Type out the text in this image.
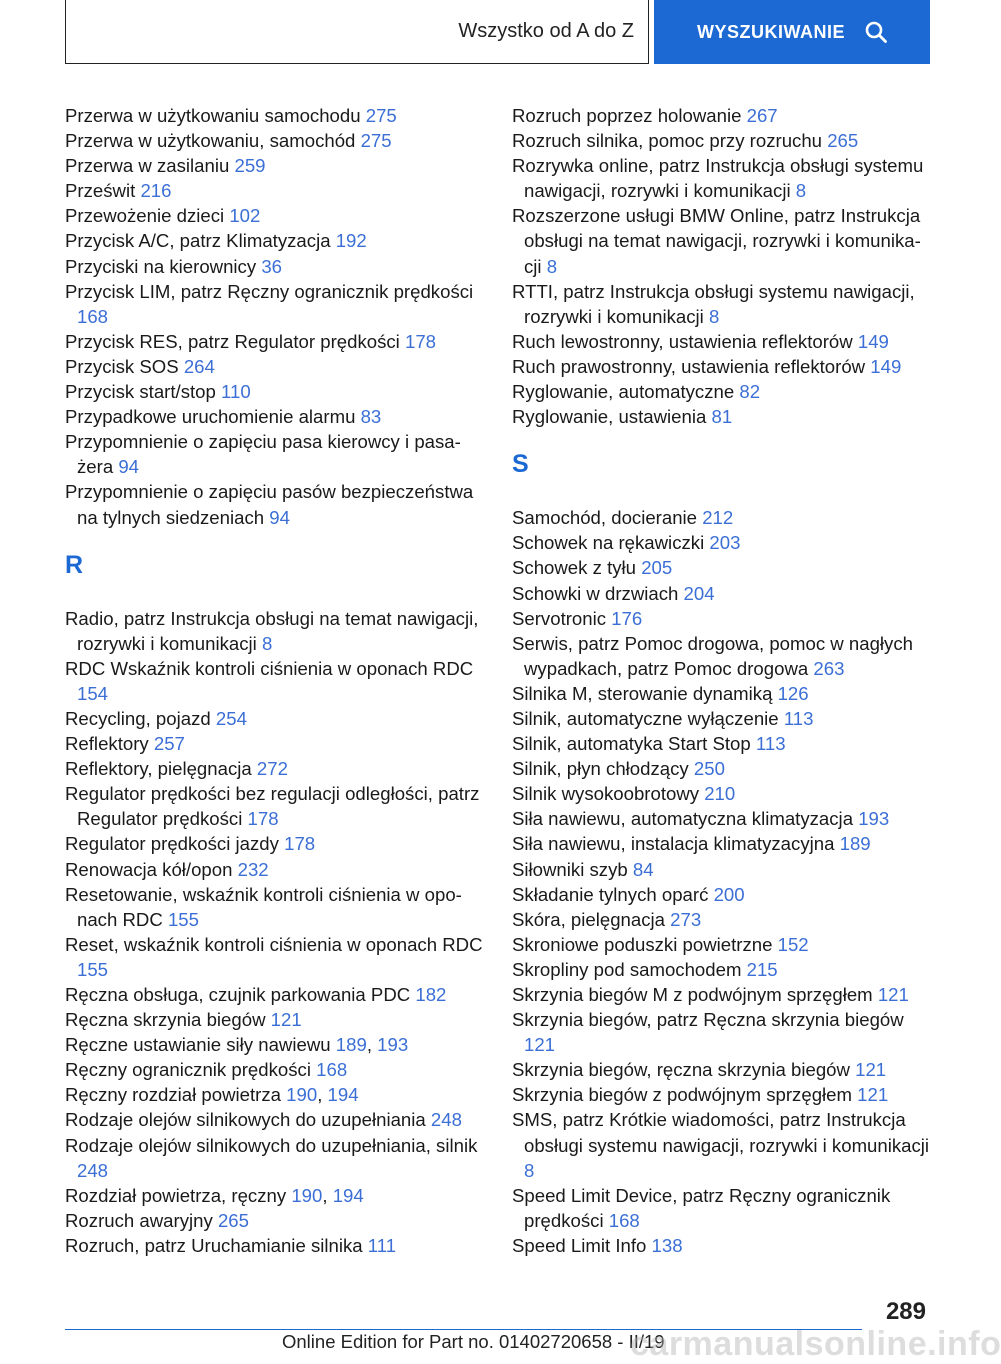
Wszystko od A do Z	WYSZUKIWANIE
Przerwa w użytkowaniu samochodu 275
Przerwa w użytkowaniu, samochód 275
Przerwa w zasilaniu 259
Prześwit 216
Przewożenie dzieci 102
Przycisk A/C, patrz Klimatyzacja 192
Przyciski na kierownicy 36
Przycisk LIM, patrz Ręczny ogranicznik prędkości 168
Przycisk RES, patrz Regulator prędkości 178
Przycisk SOS 264
Przycisk start/stop 110
Przypadkowe uruchomienie alarmu 83
Przypomnienie o zapięciu pasa kierowcy i pasażera 94
Przypomnienie o zapięciu pasów bezpieczeństwa na tylnych siedzeniach 94
R
Radio, patrz Instrukcja obsługi na temat nawigacji, rozrywki i komunikacji 8
RDC Wskaźnik kontroli ciśnienia w oponach RDC 154
Recycling, pojazd 254
Reflektory 257
Reflektory, pielęgnacja 272
Regulator prędkości bez regulacji odległości, patrz Regulator prędkości 178
Regulator prędkości jazdy 178
Renowacja kół/opon 232
Resetowanie, wskaźnik kontroli ciśnienia w oponach RDC 155
Reset, wskaźnik kontroli ciśnienia w oponach RDC 155
Ręczna obsługa, czujnik parkowania PDC 182
Ręczna skrzynia biegów 121
Ręczne ustawianie siły nawiewu 189, 193
Ręczny ogranicznik prędkości 168
Ręczny rozdział powietrza 190, 194
Rodzaje olejów silnikowych do uzupełniania 248
Rodzaje olejów silnikowych do uzupełniania, silnik 248
Rozdział powietrza, ręczny 190, 194
Rozruch awaryjny 265
Rozruch, patrz Uruchamianie silnika 111
Rozruch poprzez holowanie 267
Rozruch silnika, pomoc przy rozruchu 265
Rozrywka online, patrz Instrukcja obsługi systemu nawigacji, rozrywki i komunikacji 8
Rozszerzone usługi BMW Online, patrz Instrukcja obsługi na temat nawigacji, rozrywki i komunikacji 8
RTTI, patrz Instrukcja obsługi systemu nawigacji, rozrywki i komunikacji 8
Ruch lewostronny, ustawienia reflektorów 149
Ruch prawostronny, ustawienia reflektorów 149
Ryglowanie, automatyczne 82
Ryglowanie, ustawienia 81
S
Samochód, docieranie 212
Schowek na rękawiczki 203
Schowek z tyłu 205
Schowki w drzwiach 204
Servotronic 176
Serwis, patrz Pomoc drogowa, pomoc w nagłych wypadkach, patrz Pomoc drogowa 263
Silnika M, sterowanie dynamiką 126
Silnik, automatyczne wyłączenie 113
Silnik, automatyka Start Stop 113
Silnik, płyn chłodzący 250
Silnik wysokoobrotowy 210
Siła nawiewu, automatyczna klimatyzacja 193
Siła nawiewu, instalacja klimatyzacyjna 189
Siłowniki szyb 84
Składanie tylnych oparć 200
Skóra, pielęgnacja 273
Skroniowe poduszki powietrzne 152
Skropliny pod samochodem 215
Skrzynia biegów M z podwójnym sprzęgłem 121
Skrzynia biegów, patrz Ręczna skrzynia biegów 121
Skrzynia biegów, ręczna skrzynia biegów 121
Skrzynia biegów z podwójnym sprzęgłem 121
SMS, patrz Krótkie wiadomości, patrz Instrukcja obsługi systemu nawigacji, rozrywki i komunikacji 8
Speed Limit Device, patrz Ręczny ogranicznik prędkości 168
Speed Limit Info 138
289
Online Edition for Part no. 01402720658 - II/19
carmanualsonline.info
